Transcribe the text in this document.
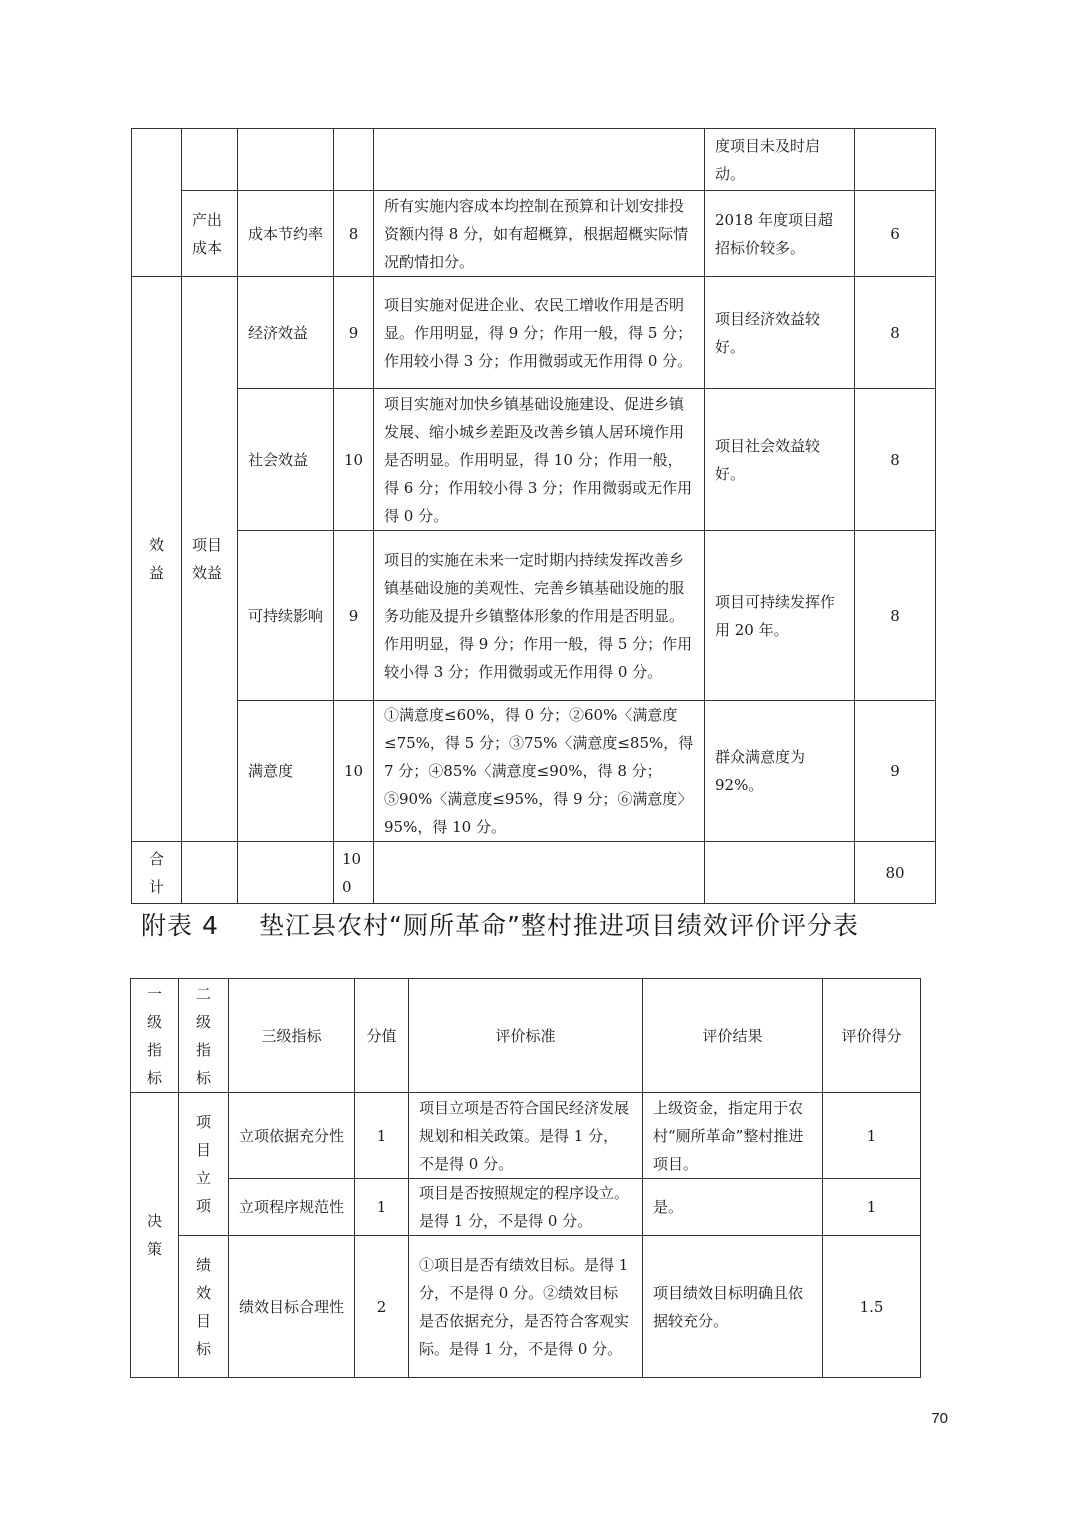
					度项目未及时启动。	
	产出成本	成本节约率	8	所有实施内容成本均控制在预算和计划安排投资额内得 8 分，如有超概算，根据超概实际情况酌情扣分。	2018 年度项目超招标价较多。	6
效益	项目效益	经济效益	9	项目实施对促进企业、农民工增收作用是否明显。作用明显，得 9 分；作用一般，得 5 分；作用较小得 3 分；作用微弱或无作用得 0 分。	项目经济效益较好。	8
		社会效益	10	项目实施对加快乡镇基础设施建设、促进乡镇发展、缩小城乡差距及改善乡镇人居环境作用是否明显。作用明显，得 10 分；作用一般，得 6 分；作用较小得 3 分；作用微弱或无作用得 0 分。	项目社会效益较好。	8
		可持续影响	9	项目的实施在未来一定时期内持续发挥改善乡镇基础设施的美观性、完善乡镇基础设施的服务功能及提升乡镇整体形象的作用是否明显。作用明显，得 9 分；作用一般，得 5 分；作用较小得 3 分；作用微弱或无作用得 0 分。	项目可持续发挥作用 20 年。	8
		满意度	10	①满意度≤60%，得 0 分；②60%〈满意度≤75%，得 5 分；③75%〈满意度≤85%，得 7 分；④85%〈满意度≤90%，得 8 分；⑤90%〈满意度≤95%，得 9 分；⑥满意度〉95%，得 10 分。	群众满意度为 92%。	9
合计			100			80
附表 4 垫江县农村“厕所革命”整村推进项目绩效评价评分表
一级指标	二级指标	三级指标	分值	评价标准	评价结果	评价得分
决策	项目立项	立项依据充分性	1	项目立项是否符合国民经济发展规划和相关政策。是得 1 分，不是得 0 分。	上级资金，指定用于农村“厕所革命”整村推进项目。	1
		立项程序规范性	1	项目是否按照规定的程序设立。是得 1 分，不是得 0 分。	是。	1
	绩效目标	绩效目标合理性	2	①项目是否有绩效目标。是得 1 分，不是得 0 分。②绩效目标是否依据充分，是否符合客观实际。是得 1 分，不是得 0 分。	项目绩效目标明确且依据较充分。	1.5
70
